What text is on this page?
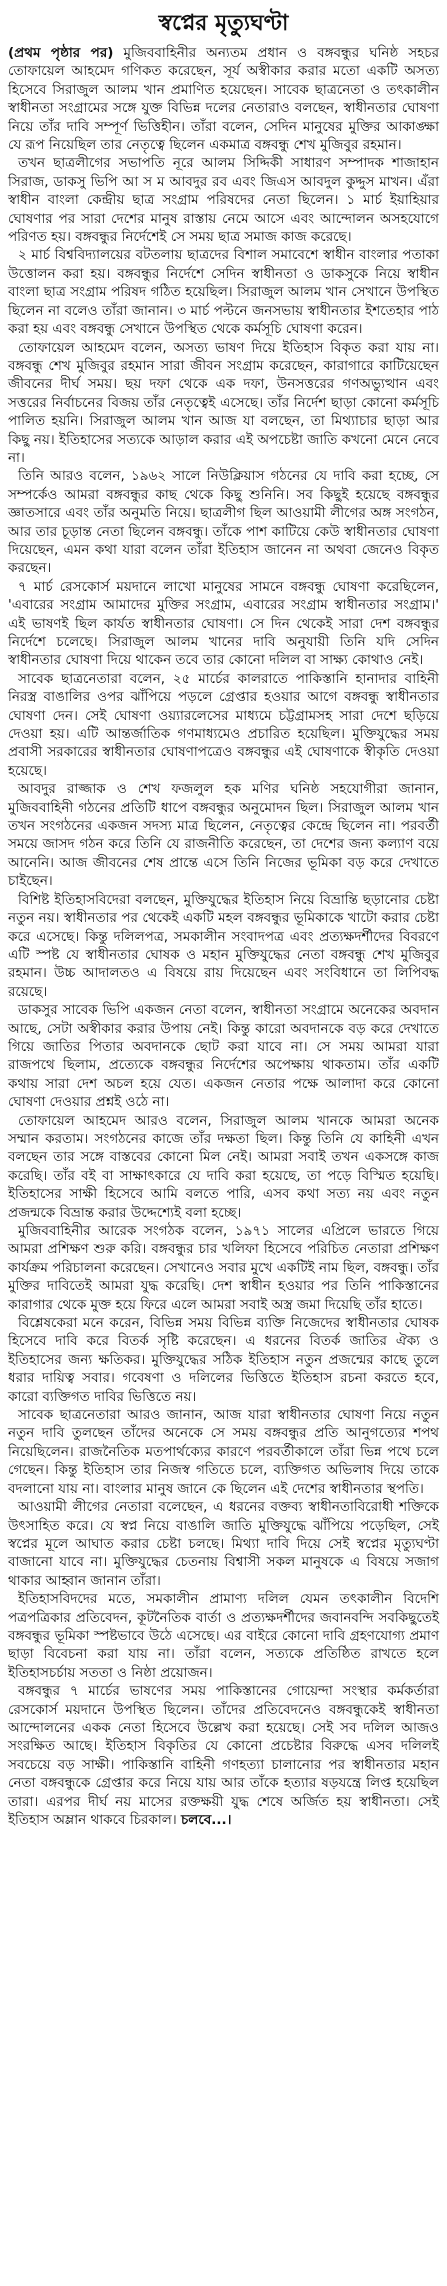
স্বপ্নের মৃত্যুঘণ্টা

(প্রথম পৃষ্ঠার পর) মুজিববাহিনীর অন্যতম প্রধান ও বঙ্গবন্ধুর ঘনিষ্ঠ সহচর তোফায়েল আহমেদ গণিকত করেছেন, সূর্য অস্বীকার করার মতো একটি অসত্য হিসেবে সিরাজুল আলম খান প্রমাণিত হয়েছেন। সাবেক ছাত্রনেতা ও তৎকালীন স্বাধীনতা সংগ্রামের সঙ্গে যুক্ত বিভিন্ন দলের নেতারাও বলছেন, স্বাধীনতার ঘোষণা নিয়ে তাঁর দাবি সম্পূর্ণ ভিত্তিহীন। তাঁরা বলেন, সেদিন মানুষের মুক্তির আকাঙ্ক্ষা যে রূপ নিয়েছিল তার নেতৃত্বে ছিলেন একমাত্র বঙ্গবন্ধু শেখ মুজিবুর রহমান।

তখন ছাত্রলীগের সভাপতি নূরে আলম সিদ্দিকী সাধারণ সম্পাদক শাজাহান সিরাজ, ডাকসু ভিপি আ স ম আবদুর রব এবং জিএস আবদুল কুদ্দুস মাখন। এঁরা স্বাধীন বাংলা কেন্দ্রীয় ছাত্র সংগ্রাম পরিষদের নেতা ছিলেন। ১ মার্চ ইয়াহিয়ার ঘোষণার পর সারা দেশের মানুষ রাস্তায় নেমে আসে এবং আন্দোলন অসহযোগে পরিণত হয়। বঙ্গবন্ধুর নির্দেশেই সে সময় ছাত্র সমাজ কাজ করেছে।

২ মার্চ বিশ্ববিদ্যালয়ের বটতলায় ছাত্রদের বিশাল সমাবেশে স্বাধীন বাংলার পতাকা উত্তোলন করা হয়। বঙ্গবন্ধুর নির্দেশে সেদিন স্বাধীনতা ও ডাকসুকে নিয়ে স্বাধীন বাংলা ছাত্র সংগ্রাম পরিষদ গঠিত হয়েছিল। সিরাজুল আলম খান সেখানে উপস্থিত ছিলেন না বলেও তাঁরা জানান। ৩ মার্চ পল্টনে জনসভায় স্বাধীনতার ইশতেহার পাঠ করা হয় এবং বঙ্গবন্ধু সেখানে উপস্থিত থেকে কর্মসূচি ঘোষণা করেন।

তোফায়েল আহমেদ বলেন, অসত্য ভাষণ দিয়ে ইতিহাস বিকৃত করা যায় না। বঙ্গবন্ধু শেখ মুজিবুর রহমান সারা জীবন সংগ্রাম করেছেন, কারাগারে কাটিয়েছেন জীবনের দীর্ঘ সময়। ছয় দফা থেকে এক দফা, উনসত্তরের গণঅভ্যুত্থান এবং সত্তরের নির্বাচনের বিজয় তাঁর নেতৃত্বেই এসেছে। তাঁর নির্দেশ ছাড়া কোনো কর্মসূচি পালিত হয়নি। সিরাজুল আলম খান আজ যা বলছেন, তা মিথ্যাচার ছাড়া আর কিছু নয়। ইতিহাসের সত্যকে আড়াল করার এই অপচেষ্টা জাতি কখনো মেনে নেবে না।

তিনি আরও বলেন, ১৯৬২ সালে নিউক্লিয়াস গঠনের যে দাবি করা হচ্ছে, সে সম্পর্কেও আমরা বঙ্গবন্ধুর কাছ থেকে কিছু শুনিনি। সব কিছুই হয়েছে বঙ্গবন্ধুর জ্ঞাতসারে এবং তাঁর অনুমতি নিয়ে। ছাত্রলীগ ছিল আওয়ামী লীগের অঙ্গ সংগঠন, আর তার চূড়ান্ত নেতা ছিলেন বঙ্গবন্ধু। তাঁকে পাশ কাটিয়ে কেউ স্বাধীনতার ঘোষণা দিয়েছেন, এমন কথা যারা বলেন তাঁরা ইতিহাস জানেন না অথবা জেনেও বিকৃত করছেন।

৭ মার্চ রেসকোর্স ময়দানে লাখো মানুষের সামনে বঙ্গবন্ধু ঘোষণা করেছিলেন, 'এবারের সংগ্রাম আমাদের মুক্তির সংগ্রাম, এবারের সংগ্রাম স্বাধীনতার সংগ্রাম।' এই ভাষণই ছিল কার্যত স্বাধীনতার ঘোষণা। সে দিন থেকেই সারা দেশ বঙ্গবন্ধুর নির্দেশে চলেছে। সিরাজুল আলম খানের দাবি অনুযায়ী তিনি যদি সেদিন স্বাধীনতার ঘোষণা দিয়ে থাকেন তবে তার কোনো দলিল বা সাক্ষ্য কোথাও নেই।

সাবেক ছাত্রনেতারা বলেন, ২৫ মার্চের কালরাতে পাকিস্তানি হানাদার বাহিনী নিরস্ত্র বাঙালির ওপর ঝাঁপিয়ে পড়লে গ্রেপ্তার হওয়ার আগে বঙ্গবন্ধু স্বাধীনতার ঘোষণা দেন। সেই ঘোষণা ওয়্যারলেসের মাধ্যমে চট্টগ্রামসহ সারা দেশে ছড়িয়ে দেওয়া হয়। এটি আন্তর্জাতিক গণমাধ্যমেও প্রচারিত হয়েছিল। মুক্তিযুদ্ধের সময় প্রবাসী সরকারের স্বাধীনতার ঘোষণাপত্রেও বঙ্গবন্ধুর এই ঘোষণাকে স্বীকৃতি দেওয়া হয়েছে।

আবদুর রাজ্জাক ও শেখ ফজলুল হক মণির ঘনিষ্ঠ সহযোগীরা জানান, মুজিববাহিনী গঠনের প্রতিটি ধাপে বঙ্গবন্ধুর অনুমোদন ছিল। সিরাজুল আলম খান তখন সংগঠনের একজন সদস্য মাত্র ছিলেন, নেতৃত্বের কেন্দ্রে ছিলেন না। পরবর্তী সময়ে জাসদ গঠন করে তিনি যে রাজনীতি করেছেন, তা দেশের জন্য কল্যাণ বয়ে আনেনি। আজ জীবনের শেষ প্রান্তে এসে তিনি নিজের ভূমিকা বড় করে দেখাতে চাইছেন।

বিশিষ্ট ইতিহাসবিদেরা বলছেন, মুক্তিযুদ্ধের ইতিহাস নিয়ে বিভ্রান্তি ছড়ানোর চেষ্টা নতুন নয়। স্বাধীনতার পর থেকেই একটি মহল বঙ্গবন্ধুর ভূমিকাকে খাটো করার চেষ্টা করে এসেছে। কিন্তু দলিলপত্র, সমকালীন সংবাদপত্র এবং প্রত্যক্ষদর্শীদের বিবরণে এটি স্পষ্ট যে স্বাধীনতার ঘোষক ও মহান মুক্তিযুদ্ধের নেতা বঙ্গবন্ধু শেখ মুজিবুর রহমান। উচ্চ আদালতও এ বিষয়ে রায় দিয়েছেন এবং সংবিধানে তা লিপিবদ্ধ রয়েছে।

ডাকসুর সাবেক ভিপি একজন নেতা বলেন, স্বাধীনতা সংগ্রামে অনেকের অবদান আছে, সেটা অস্বীকার করার উপায় নেই। কিন্তু কারো অবদানকে বড় করে দেখাতে গিয়ে জাতির পিতার অবদানকে ছোট করা যাবে না। সে সময় আমরা যারা রাজপথে ছিলাম, প্রত্যেকে বঙ্গবন্ধুর নির্দেশের অপেক্ষায় থাকতাম। তাঁর একটি কথায় সারা দেশ অচল হয়ে যেত। একজন নেতার পক্ষে আলাদা করে কোনো ঘোষণা দেওয়ার প্রশ্নই ওঠে না।

তোফায়েল আহমেদ আরও বলেন, সিরাজুল আলম খানকে আমরা অনেক সম্মান করতাম। সংগঠনের কাজে তাঁর দক্ষতা ছিল। কিন্তু তিনি যে কাহিনী এখন বলছেন তার সঙ্গে বাস্তবের কোনো মিল নেই। আমরা সবাই তখন একসঙ্গে কাজ করেছি। তাঁর বই বা সাক্ষাৎকারে যে দাবি করা হয়েছে, তা পড়ে বিস্মিত হয়েছি। ইতিহাসের সাক্ষী হিসেবে আমি বলতে পারি, এসব কথা সত্য নয় এবং নতুন প্রজন্মকে বিভ্রান্ত করার উদ্দেশ্যেই বলা হচ্ছে।

মুজিববাহিনীর আরেক সংগঠক বলেন, ১৯৭১ সালের এপ্রিলে ভারতে গিয়ে আমরা প্রশিক্ষণ শুরু করি। বঙ্গবন্ধুর চার খলিফা হিসেবে পরিচিত নেতারা প্রশিক্ষণ কার্যক্রম পরিচালনা করেছেন। সেখানেও সবার মুখে একটিই নাম ছিল, বঙ্গবন্ধু। তাঁর মুক্তির দাবিতেই আমরা যুদ্ধ করেছি। দেশ স্বাধীন হওয়ার পর তিনি পাকিস্তানের কারাগার থেকে মুক্ত হয়ে ফিরে এলে আমরা সবাই অস্ত্র জমা দিয়েছি তাঁর হাতে।

বিশ্লেষকেরা মনে করেন, বিভিন্ন সময় বিভিন্ন ব্যক্তি নিজেদের স্বাধীনতার ঘোষক হিসেবে দাবি করে বিতর্ক সৃষ্টি করেছেন। এ ধরনের বিতর্ক জাতির ঐক্য ও ইতিহাসের জন্য ক্ষতিকর। মুক্তিযুদ্ধের সঠিক ইতিহাস নতুন প্রজন্মের কাছে তুলে ধরার দায়িত্ব সবার। গবেষণা ও দলিলের ভিত্তিতে ইতিহাস রচনা করতে হবে, কারো ব্যক্তিগত দাবির ভিত্তিতে নয়।

সাবেক ছাত্রনেতারা আরও জানান, আজ যারা স্বাধীনতার ঘোষণা নিয়ে নতুন নতুন দাবি তুলছেন তাঁদের অনেকে সে সময় বঙ্গবন্ধুর প্রতি আনুগত্যের শপথ নিয়েছিলেন। রাজনৈতিক মতপার্থক্যের কারণে পরবর্তীকালে তাঁরা ভিন্ন পথে চলে গেছেন। কিন্তু ইতিহাস তার নিজস্ব গতিতে চলে, ব্যক্তিগত অভিলাষ দিয়ে তাকে বদলানো যায় না। বাংলার মানুষ জানে কে ছিলেন এই দেশের স্বাধীনতার স্থপতি।

আওয়ামী লীগের নেতারা বলেছেন, এ ধরনের বক্তব্য স্বাধীনতাবিরোধী শক্তিকে উৎসাহিত করে। যে স্বপ্ন নিয়ে বাঙালি জাতি মুক্তিযুদ্ধে ঝাঁপিয়ে পড়েছিল, সেই স্বপ্নের মূলে আঘাত করার চেষ্টা চলছে। মিথ্যা দাবি দিয়ে সেই স্বপ্নের মৃত্যুঘণ্টা বাজানো যাবে না। মুক্তিযুদ্ধের চেতনায় বিশ্বাসী সকল মানুষকে এ বিষয়ে সজাগ থাকার আহ্বান জানান তাঁরা।

ইতিহাসবিদদের মতে, সমকালীন প্রামাণ্য দলিল যেমন তৎকালীন বিদেশি পত্রপত্রিকার প্রতিবেদন, কূটনৈতিক বার্তা ও প্রত্যক্ষদর্শীদের জবানবন্দি সবকিছুতেই বঙ্গবন্ধুর ভূমিকা স্পষ্টভাবে উঠে এসেছে। এর বাইরে কোনো দাবি গ্রহণযোগ্য প্রমাণ ছাড়া বিবেচনা করা যায় না। তাঁরা বলেন, সত্যকে প্রতিষ্ঠিত রাখতে হলে ইতিহাসচর্চায় সততা ও নিষ্ঠা প্রয়োজন।

বঙ্গবন্ধুর ৭ মার্চের ভাষণের সময় পাকিস্তানের গোয়েন্দা সংস্থার কর্মকর্তারা রেসকোর্স ময়দানে উপস্থিত ছিলেন। তাঁদের প্রতিবেদনেও বঙ্গবন্ধুকেই স্বাধীনতা আন্দোলনের একক নেতা হিসেবে উল্লেখ করা হয়েছে। সেই সব দলিল আজও সংরক্ষিত আছে। ইতিহাস বিকৃতির যে কোনো প্রচেষ্টার বিরুদ্ধে এসব দলিলই সবচেয়ে বড় সাক্ষী। পাকিস্তানি বাহিনী গণহত্যা চালানোর পর স্বাধীনতার মহান নেতা বঙ্গবন্ধুকে গ্রেপ্তার করে নিয়ে যায় আর তাঁকে হত্যার ষড়যন্ত্রে লিপ্ত হয়েছিল তারা। এরপর দীর্ঘ নয় মাসের রক্তক্ষয়ী যুদ্ধ শেষে অর্জিত হয় স্বাধীনতা। সেই ইতিহাস অম্লান থাকবে চিরকাল। চলবে...।
